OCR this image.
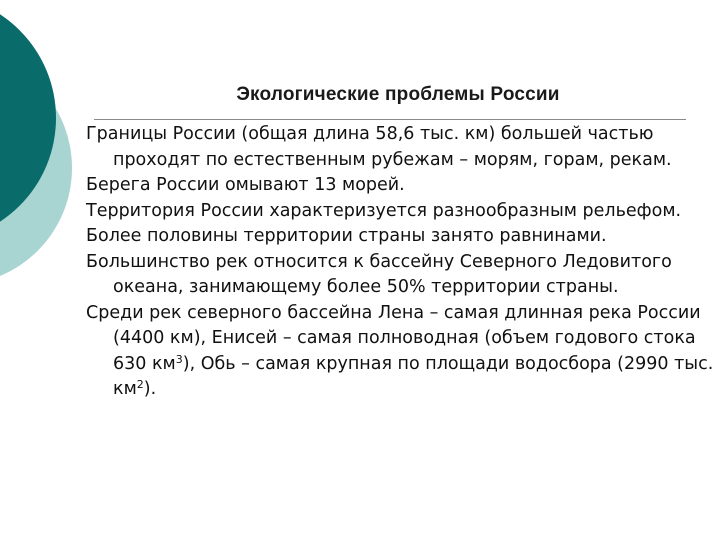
Экологические проблемы России

Границы России (общая длина 58,6 тыс. км) большей частью проходят по естественным рубежам – морям, горам, рекам.

Берега России омывают 13 морей.

Территория России характеризуется разнообразным рельефом.

Более половины территории страны занято равнинами.

Большинство рек относится к бассейну Северного Ледовитого океана, занимающему более 50% территории страны.

Среди рек северного бассейна Лена – самая длинная река России (4400 км), Енисей – самая полноводная (объем годового стока 630 $км^3$), Обь – самая крупная по площади водосбора (2990 тыс. $км^2$).
